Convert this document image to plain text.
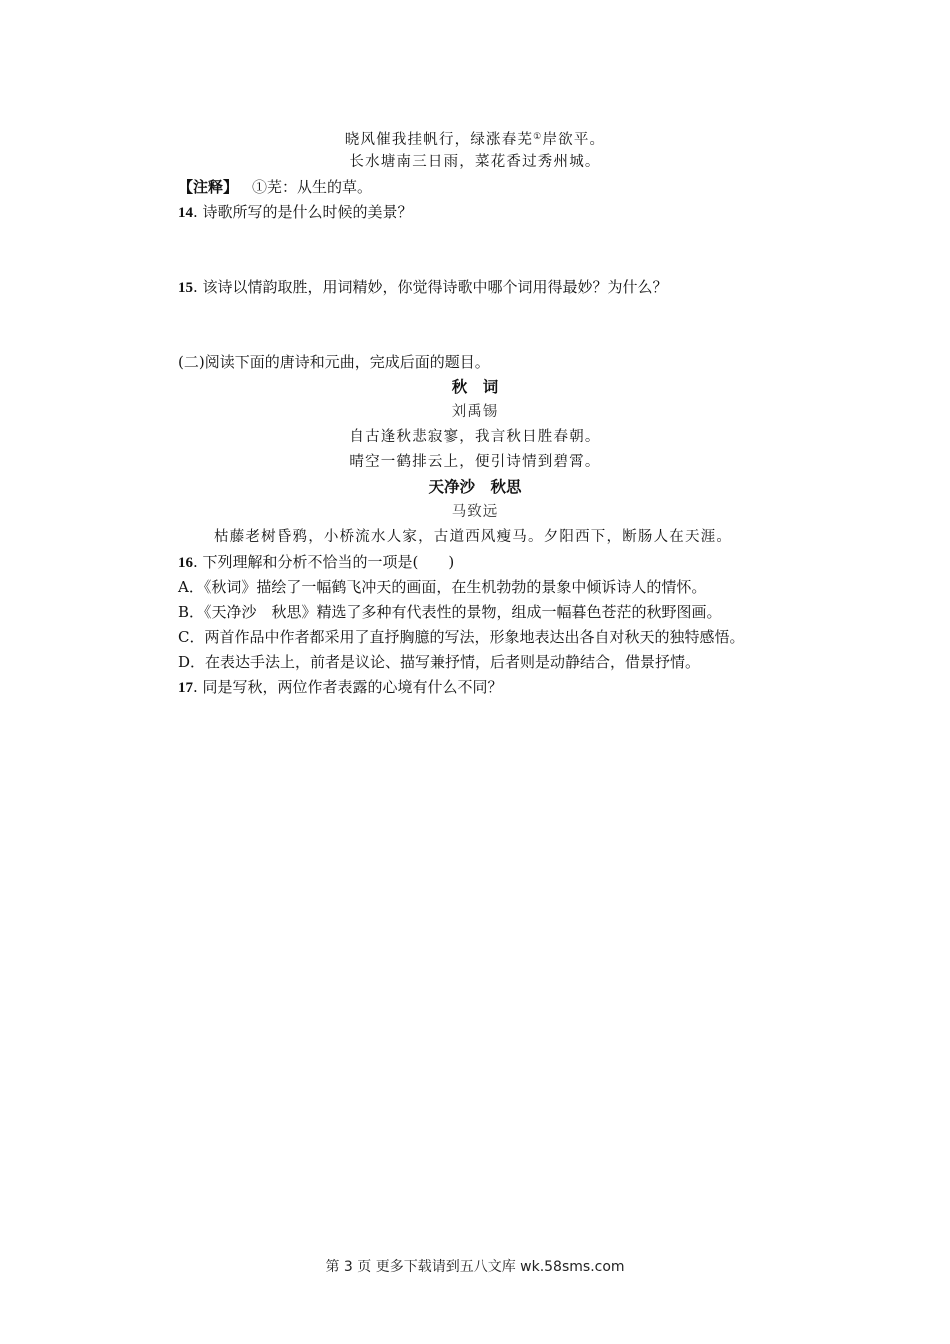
晓风催我挂帆行，绿涨春芜①岸欲平。
长水塘南三日雨，菜花香过秀州城。
【注释】 ①芜：从生的草。
14. 诗歌所写的是什么时候的美景？
15. 该诗以情韵取胜，用词精妙，你觉得诗歌中哪个词用得最妙？为什么？
(二)阅读下面的唐诗和元曲，完成后面的题目。
秋　词
刘禹锡
自古逢秋悲寂寥，我言秋日胜春朝。
晴空一鹤排云上，便引诗情到碧霄。
天净沙　秋思
马致远
枯藤老树昏鸦，小桥流水人家，古道西风瘦马。夕阳西下，断肠人在天涯。
16. 下列理解和分析不恰当的一项是(　　)
A．《秋词》描绘了一幅鹤飞冲天的画面，在生机勃勃的景象中倾诉诗人的情怀。
B．《天净沙　秋思》精选了多种有代表性的景物，组成一幅暮色苍茫的秋野图画。
C．两首作品中作者都采用了直抒胸臆的写法，形象地表达出各自对秋天的独特感悟。
D．在表达手法上，前者是议论、描写兼抒情，后者则是动静结合，借景抒情。
17. 同是写秋，两位作者表露的心境有什么不同？
第 3 页 更多下载请到五八文库 wk.58sms.com
